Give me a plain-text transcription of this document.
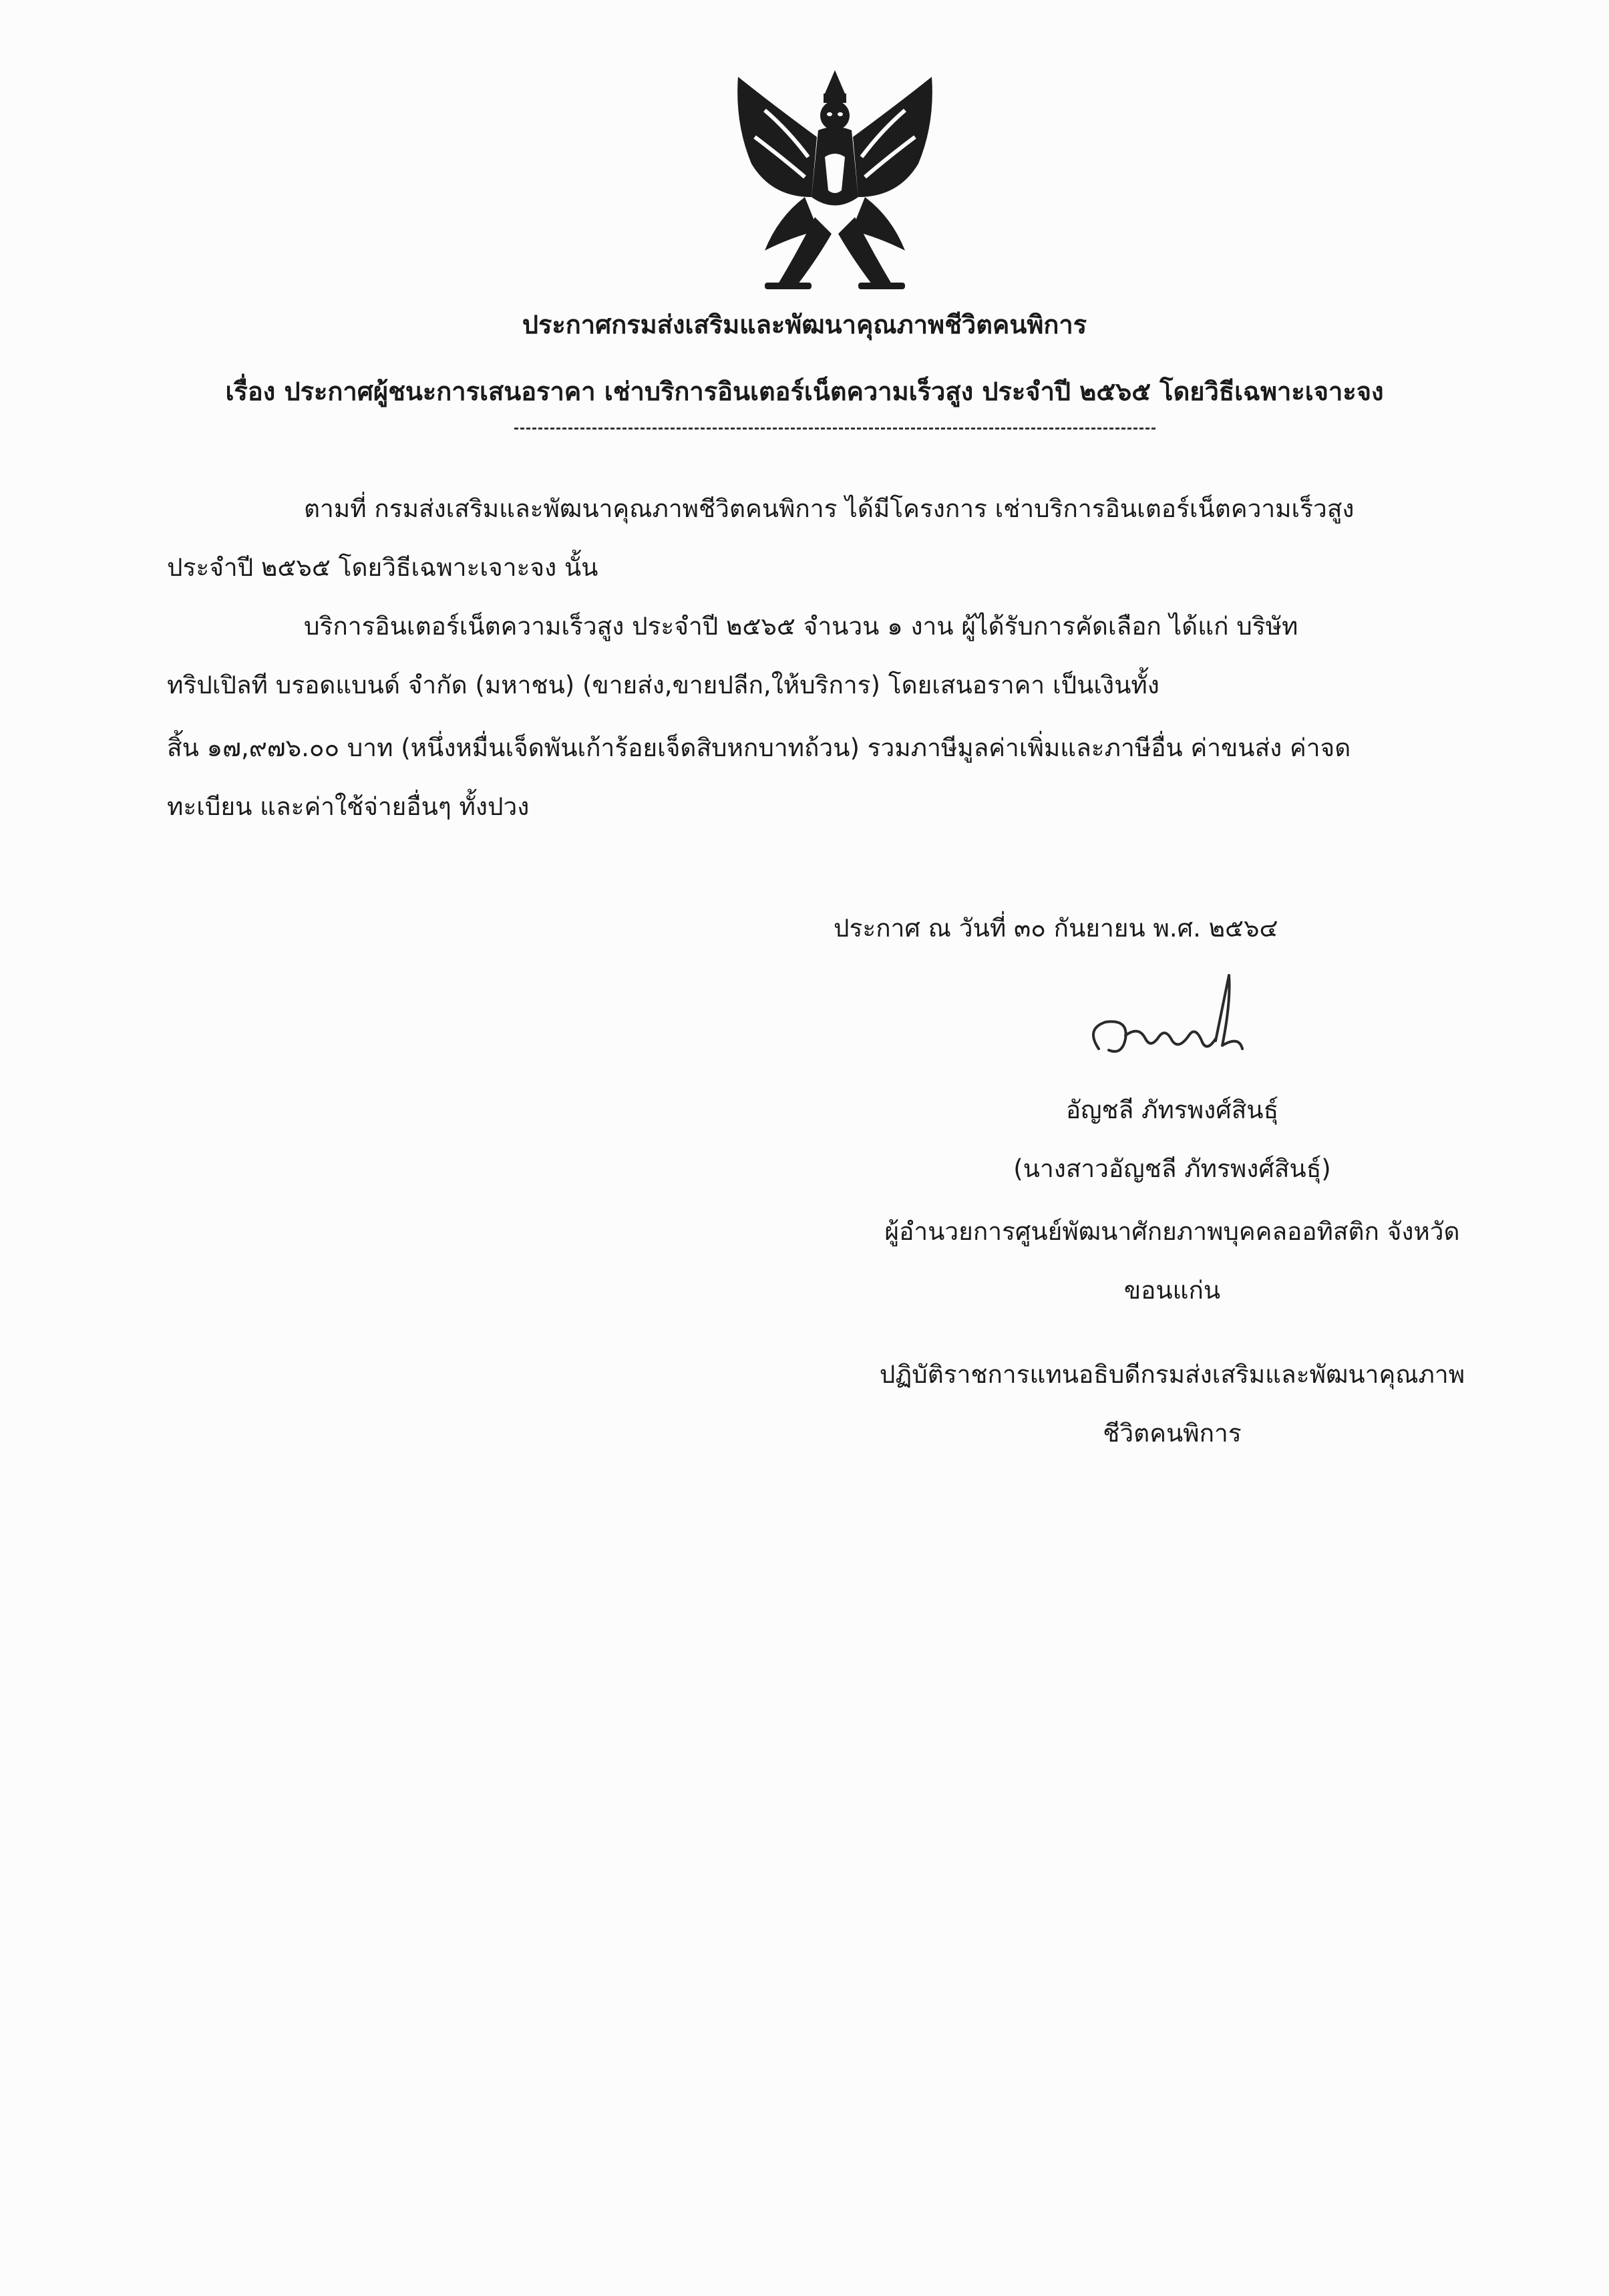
ประกาศกรมส่งเสริมและพัฒนาคุณภาพชีวิตคนพิการ
เรื่อง ประกาศผู้ชนะการเสนอราคา เช่าบริการอินเตอร์เน็ตความเร็วสูง ประจำปี ๒๕๖๕ โดยวิธีเฉพาะเจาะจง
ตามที่ กรมส่งเสริมและพัฒนาคุณภาพชีวิตคนพิการ ได้มีโครงการ เช่าบริการอินเตอร์เน็ตความเร็วสูง
ประจำปี ๒๕๖๕ โดยวิธีเฉพาะเจาะจง นั้น
บริการอินเตอร์เน็ตความเร็วสูง ประจำปี ๒๕๖๕ จำนวน ๑ งาน ผู้ได้รับการคัดเลือก ได้แก่ บริษัท
ทริปเปิลที บรอดแบนด์ จำกัด (มหาชน) (ขายส่ง,ขายปลีก,ให้บริการ) โดยเสนอราคา เป็นเงินทั้ง
สิ้น ๑๗,๙๗๖.๐๐ บาท (หนึ่งหมื่นเจ็ดพันเก้าร้อยเจ็ดสิบหกบาทถ้วน) รวมภาษีมูลค่าเพิ่มและภาษีอื่น ค่าขนส่ง ค่าจด
ทะเบียน และค่าใช้จ่ายอื่นๆ ทั้งปวง
ประกาศ ณ วันที่ ๓๐ กันยายน พ.ศ. ๒๕๖๔
อัญชลี ภัทรพงศ์สินธุ์
(นางสาวอัญชลี ภัทรพงศ์สินธุ์)
ผู้อำนวยการศูนย์พัฒนาศักยภาพบุคคลออทิสติก จังหวัด
ขอนแก่น
ปฏิบัติราชการแทนอธิบดีกรมส่งเสริมและพัฒนาคุณภาพ
ชีวิตคนพิการ
